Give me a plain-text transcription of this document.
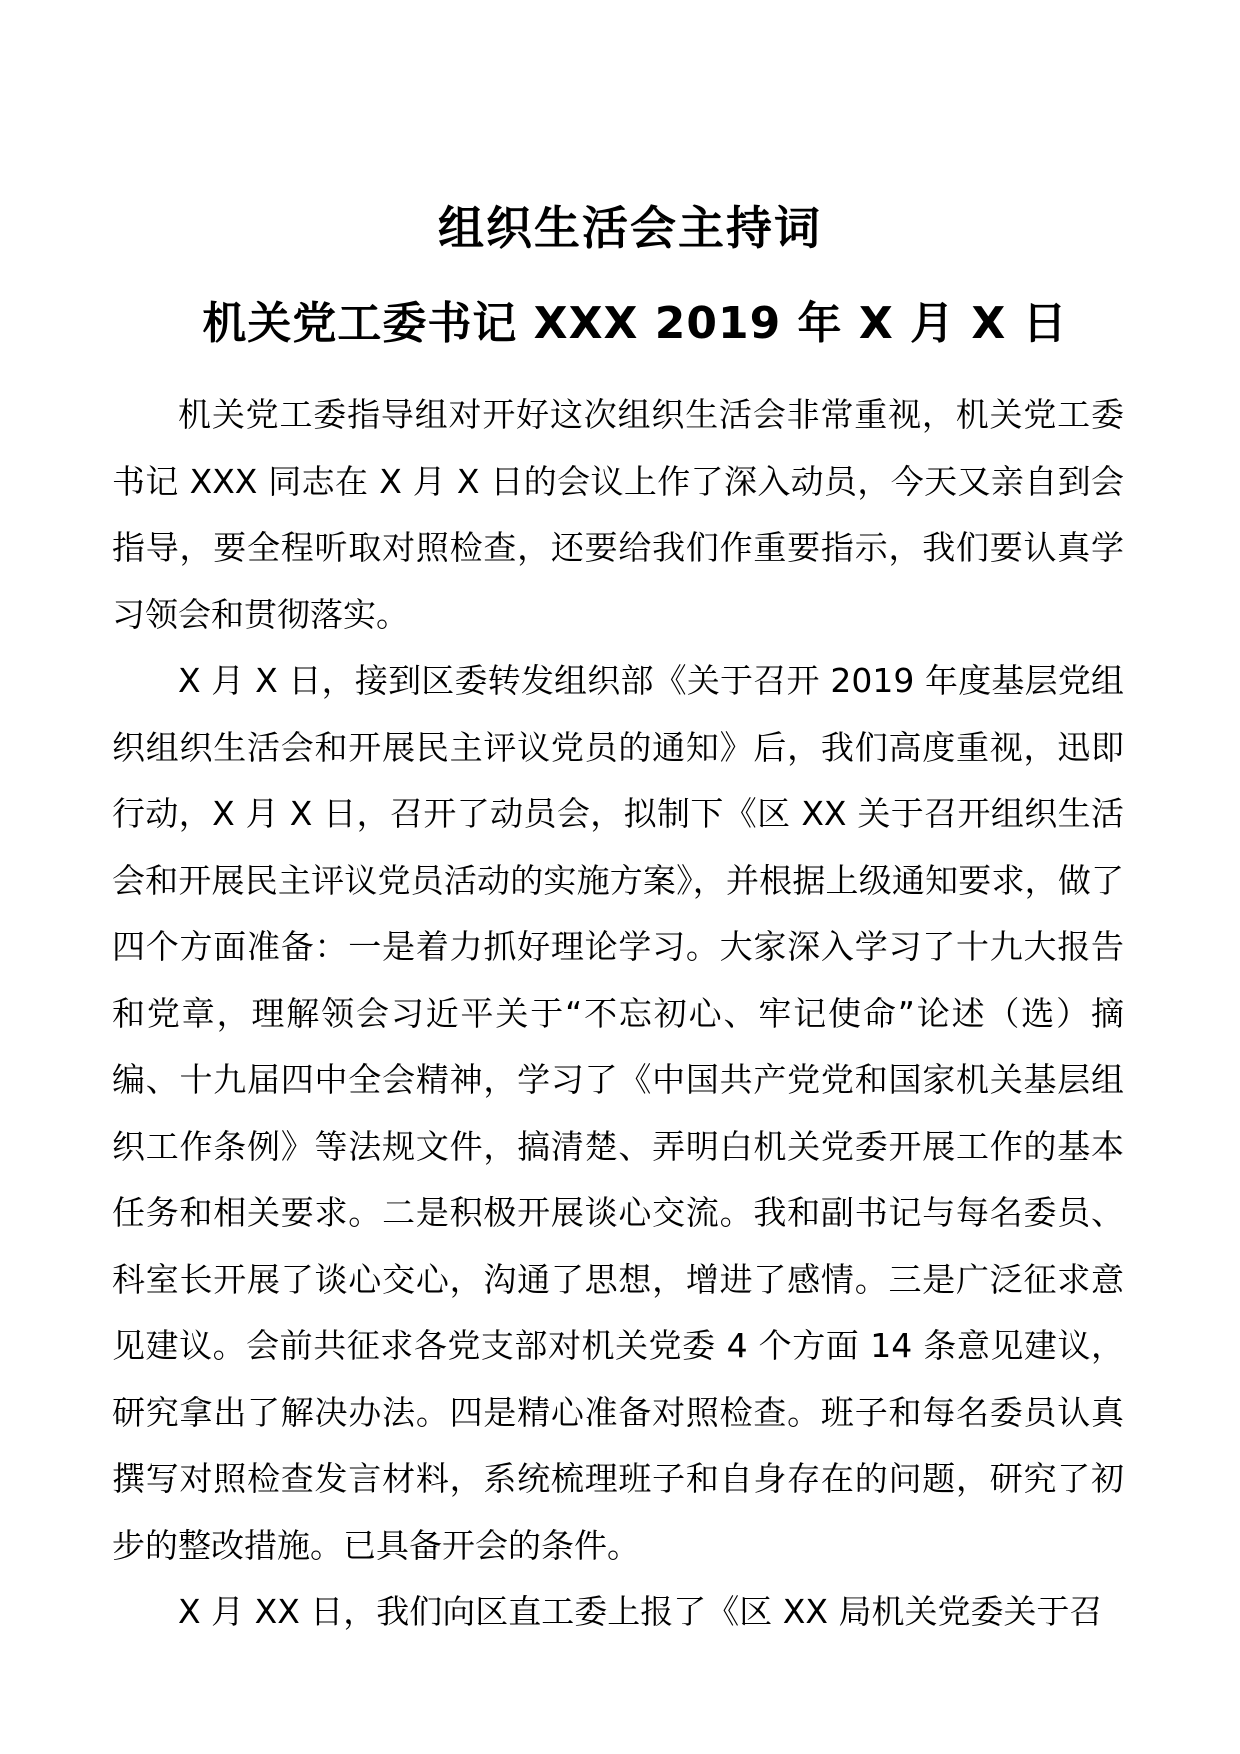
组织生活会主持词
机关党工委书记 XXX 2019 年 X 月 X 日

机关党工委指导组对开好这次组织生活会非常重视，机关党工委书记 XXX 同志在 X 月 X 日的会议上作了深入动员，今天又亲自到会指导，要全程听取对照检查，还要给我们作重要指示，我们要认真学习领会和贯彻落实。

X 月 X 日，接到区委转发组织部《关于召开 2019 年度基层党组织组织生活会和开展民主评议党员的通知》后，我们高度重视，迅即行动，X 月 X 日，召开了动员会，拟制下《区 XX 关于召开组织生活会和开展民主评议党员活动的实施方案》，并根据上级通知要求，做了四个方面准备：一是着力抓好理论学习。大家深入学习了十九大报告和党章，理解领会习近平关于“不忘初心、牢记使命”论述（选）摘编、十九届四中全会精神，学习了《中国共产党党和国家机关基层组织工作条例》等法规文件，搞清楚、弄明白机关党委开展工作的基本任务和相关要求。二是积极开展谈心交流。我和副书记与每名委员、科室长开展了谈心交心，沟通了思想，增进了感情。三是广泛征求意见建议。会前共征求各党支部对机关党委 4 个方面 14 条意见建议，研究拿出了解决办法。四是精心准备对照检查。班子和每名委员认真撰写对照检查发言材料，系统梳理班子和自身存在的问题，研究了初步的整改措施。已具备开会的条件。

X 月 XX 日，我们向区直工委上报了《区 XX 局机关党委关于召
